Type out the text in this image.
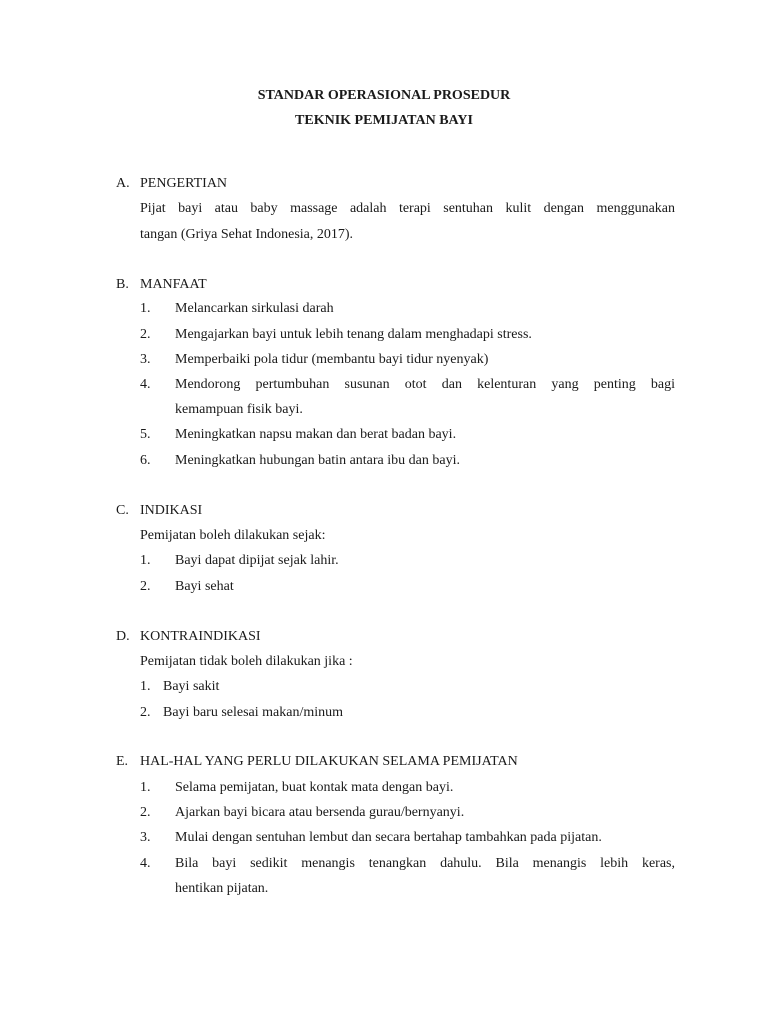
STANDAR OPERASIONAL PROSEDUR
TEKNIK PEMIJATAN BAYI
A. PENGERTIAN
Pijat bayi atau baby massage adalah terapi sentuhan kulit dengan menggunakan
tangan (Griya Sehat Indonesia, 2017).
B. MANFAAT
1.	Melancarkan sirkulasi darah
2.	Mengajarkan bayi untuk lebih tenang dalam menghadapi stress.
3.	Memperbaiki pola tidur (membantu bayi tidur nyenyak)
4.	Mendorong pertumbuhan susunan otot dan kelenturan yang penting bagi
kemampuan fisik bayi.
5.	Meningkatkan napsu makan dan berat badan bayi.
6.	Meningkatkan hubungan batin antara ibu dan bayi.
C. INDIKASI
Pemijatan boleh dilakukan sejak:
1.	Bayi dapat dipijat sejak lahir.
2.	Bayi sehat
D. KONTRAINDIKASI
Pemijatan tidak boleh dilakukan jika :
1. Bayi sakit
2. Bayi baru selesai makan/minum
E. HAL-HAL YANG PERLU DILAKUKAN SELAMA PEMIJATAN
1.	Selama pemijatan, buat kontak mata dengan bayi.
2.	Ajarkan bayi bicara atau bersenda gurau/bernyanyi.
3.	Mulai dengan sentuhan lembut dan secara bertahap tambahkan pada pijatan.
4.	Bila bayi sedikit menangis tenangkan dahulu. Bila menangis lebih keras,
hentikan pijatan.
